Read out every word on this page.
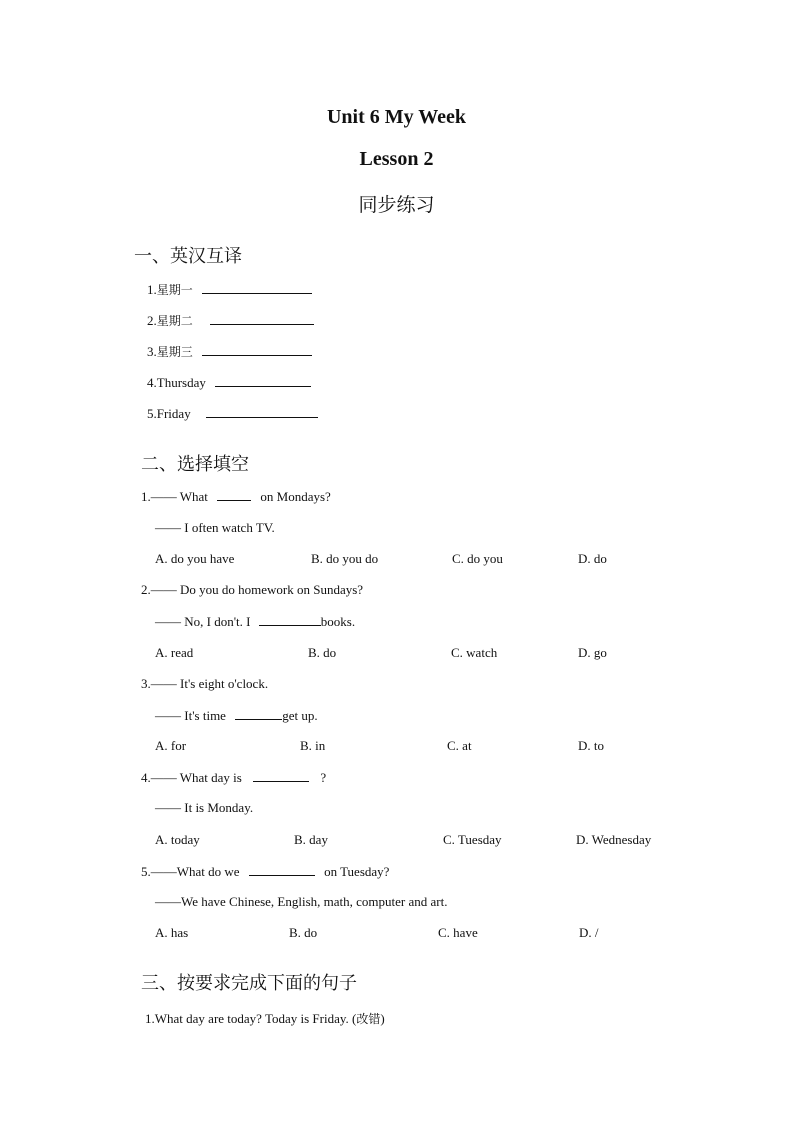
Unit 6 My Week
Lesson 2
同步练习
一、英汉互译
1.星期一
2.星期二
3.星期三
4.Thursday
5.Friday
二、选择填空
1.—— What	on Mondays?
—— I often watch TV.
A. do you have	B. do you do	C. do you	D. do
2.—— Do you do homework on Sundays?
—— No, I don't. I	books.
A. read	B. do	C. watch	D. go
3.—— It's eight o'clock.
—— It's time	get up.
A. for	B. in	C. at	D. to
4.—— What day is	?
—— It is Monday.
A. today	B. day	C. Tuesday	D. Wednesday
5.——What do we	on Tuesday?
——We have Chinese, English, math, computer and art.
A. has	B. do	C. have	D. /
三、按要求完成下面的句子
1.What day are today? Today is Friday. (改错)
